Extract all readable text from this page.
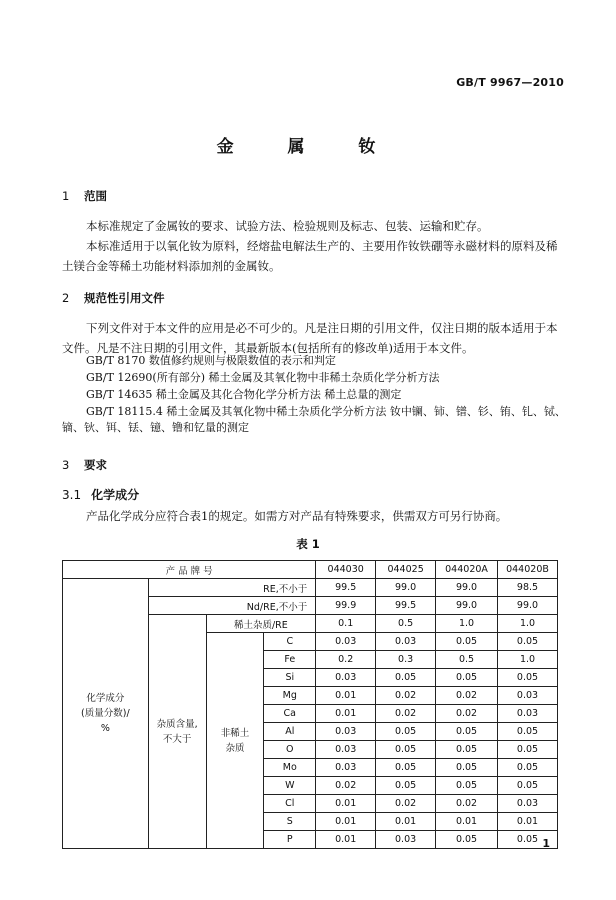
GB/T 9967—2010
金 属 钕
1 范围
本标准规定了金属钕的要求、试验方法、检验规则及标志、包装、运输和贮存。
本标准适用于以氧化钕为原料，经熔盐电解法生产的、主要用作钕铁硼等永磁材料的原料及稀土镁合金等稀土功能材料添加剂的金属钕。
2 规范性引用文件
下列文件对于本文件的应用是必不可少的。凡是注日期的引用文件，仅注日期的版本适用于本文件。凡是不注日期的引用文件，其最新版本(包括所有的修改单)适用于本文件。
GB/T 8170 数值修约规则与极限数值的表示和判定
GB/T 12690(所有部分) 稀土金属及其氧化物中非稀土杂质化学分析方法
GB/T 14635 稀土金属及其化合物化学分析方法 稀土总量的测定
GB/T 18115.4 稀土金属及其氧化物中稀土杂质化学分析方法 钕中镧、铈、镨、钐、铕、钆、铽、镝、钬、铒、铥、镱、镥和钇量的测定
3 要求
3.1 化学成分
产品化学成分应符合表1的规定。如需方对产品有特殊要求，供需双方可另行协商。
表 1
产 品 牌 号				044030	044025	044020A	044020B

化学成分
(质量分数)/
%	RE,不小于			99.5	99.0	99.0	98.5
	Nd/RE,不小于			99.9	99.5	99.0	99.0

	杂质含量,
不大于	稀土杂质/RE		0.1	0.5	1.0	1.0

		非稀土
杂质	C	0.03	0.03	0.05	0.05
			Fe	0.2	0.3	0.5	1.0
			Si	0.03	0.05	0.05	0.05
			Mg	0.01	0.02	0.02	0.03
			Ca	0.01	0.02	0.02	0.03
			Al	0.03	0.05	0.05	0.05
			O	0.03	0.05	0.05	0.05
			Mo	0.03	0.05	0.05	0.05
			W	0.02	0.05	0.05	0.05
			Cl	0.01	0.02	0.02	0.03
			S	0.01	0.01	0.01	0.01
			P	0.01	0.03	0.05	0.05 1
